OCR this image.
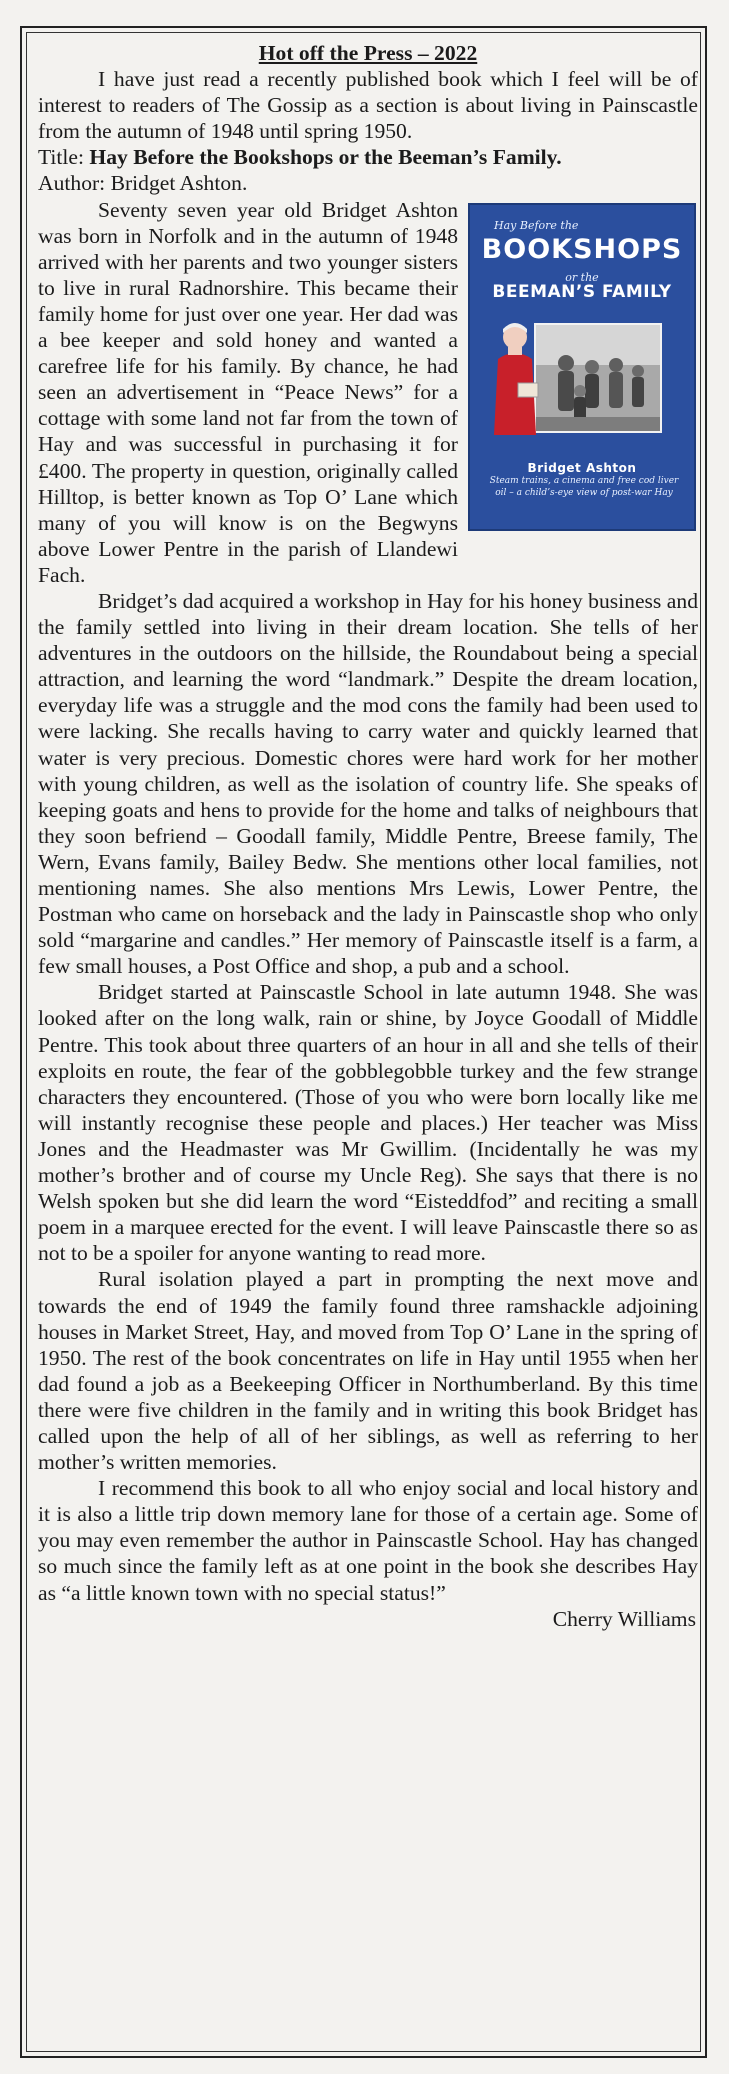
Hot off the Press – 2022

I have just read a recently published book which I feel will be of interest to readers of The Gossip as a section is about living in Painscastle from the autumn of 1948 until spring 1950.

Title: Hay Before the Bookshops or the Beeman’s Family.

Author: Bridget Ashton.

Hay Before the
BOOKSHOPS
or the
BEEMAN’S FAMILY
Bridget Ashton
Steam trains, a cinema and free cod liver oil – a child’s-eye view of post-war Hay

Seventy seven year old Bridget Ashton was born in Norfolk and in the autumn of 1948 arrived with her parents and two younger sisters to live in rural Radnorshire. This became their family home for just over one year. Her dad was a bee keeper and sold honey and wanted a carefree life for his family. By chance, he had seen an advertisement in “Peace News” for a cottage with some land not far from the town of Hay and was successful in purchasing it for £400. The property in question, originally called Hilltop, is better known as Top O’ Lane which many of you will know is on the Begwyns above Lower Pentre in the parish of Llandewi Fach.

Bridget’s dad acquired a workshop in Hay for his honey business and the family settled into living in their dream location. She tells of her adventures in the outdoors on the hillside, the Roundabout being a special attraction, and learning the word “landmark.” Despite the dream location, everyday life was a struggle and the mod cons the family had been used to were lacking. She recalls having to carry water and quickly learned that water is very precious. Domestic chores were hard work for her mother with young children, as well as the isolation of country life. She speaks of keeping goats and hens to provide for the home and talks of neighbours that they soon befriend – Goodall family, Middle Pentre, Breese family, The Wern, Evans family, Bailey Bedw. She mentions other local families, not mentioning names. She also mentions Mrs Lewis, Lower Pentre, the Postman who came on horseback and the lady in Painscastle shop who only sold “margarine and candles.” Her memory of Painscastle itself is a farm, a few small houses, a Post Office and shop, a pub and a school.

Bridget started at Painscastle School in late autumn 1948. She was looked after on the long walk, rain or shine, by Joyce Goodall of Middle Pentre. This took about three quarters of an hour in all and she tells of their exploits en route, the fear of the gobblegobble turkey and the few strange characters they encountered. (Those of you who were born locally like me will instantly recognise these people and places.) Her teacher was Miss Jones and the Headmaster was Mr Gwillim. (Incidentally he was my mother’s brother and of course my Uncle Reg). She says that there is no Welsh spoken but she did learn the word “Eisteddfod” and reciting a small poem in a marquee erected for the event. I will leave Painscastle there so as not to be a spoiler for anyone wanting to read more.

Rural isolation played a part in prompting the next move and towards the end of 1949 the family found three ramshackle adjoining houses in Market Street, Hay, and moved from Top O’ Lane in the spring of 1950. The rest of the book concentrates on life in Hay until 1955 when her dad found a job as a Beekeeping Officer in Northumberland. By this time there were five children in the family and in writing this book Bridget has called upon the help of all of her siblings, as well as referring to her mother’s written memories.

I recommend this book to all who enjoy social and local history and it is also a little trip down memory lane for those of a certain age. Some of you may even remember the author in Painscastle School. Hay has changed so much since the family left as at one point in the book she describes Hay as “a little known town with no special status!”

Cherry Williams
